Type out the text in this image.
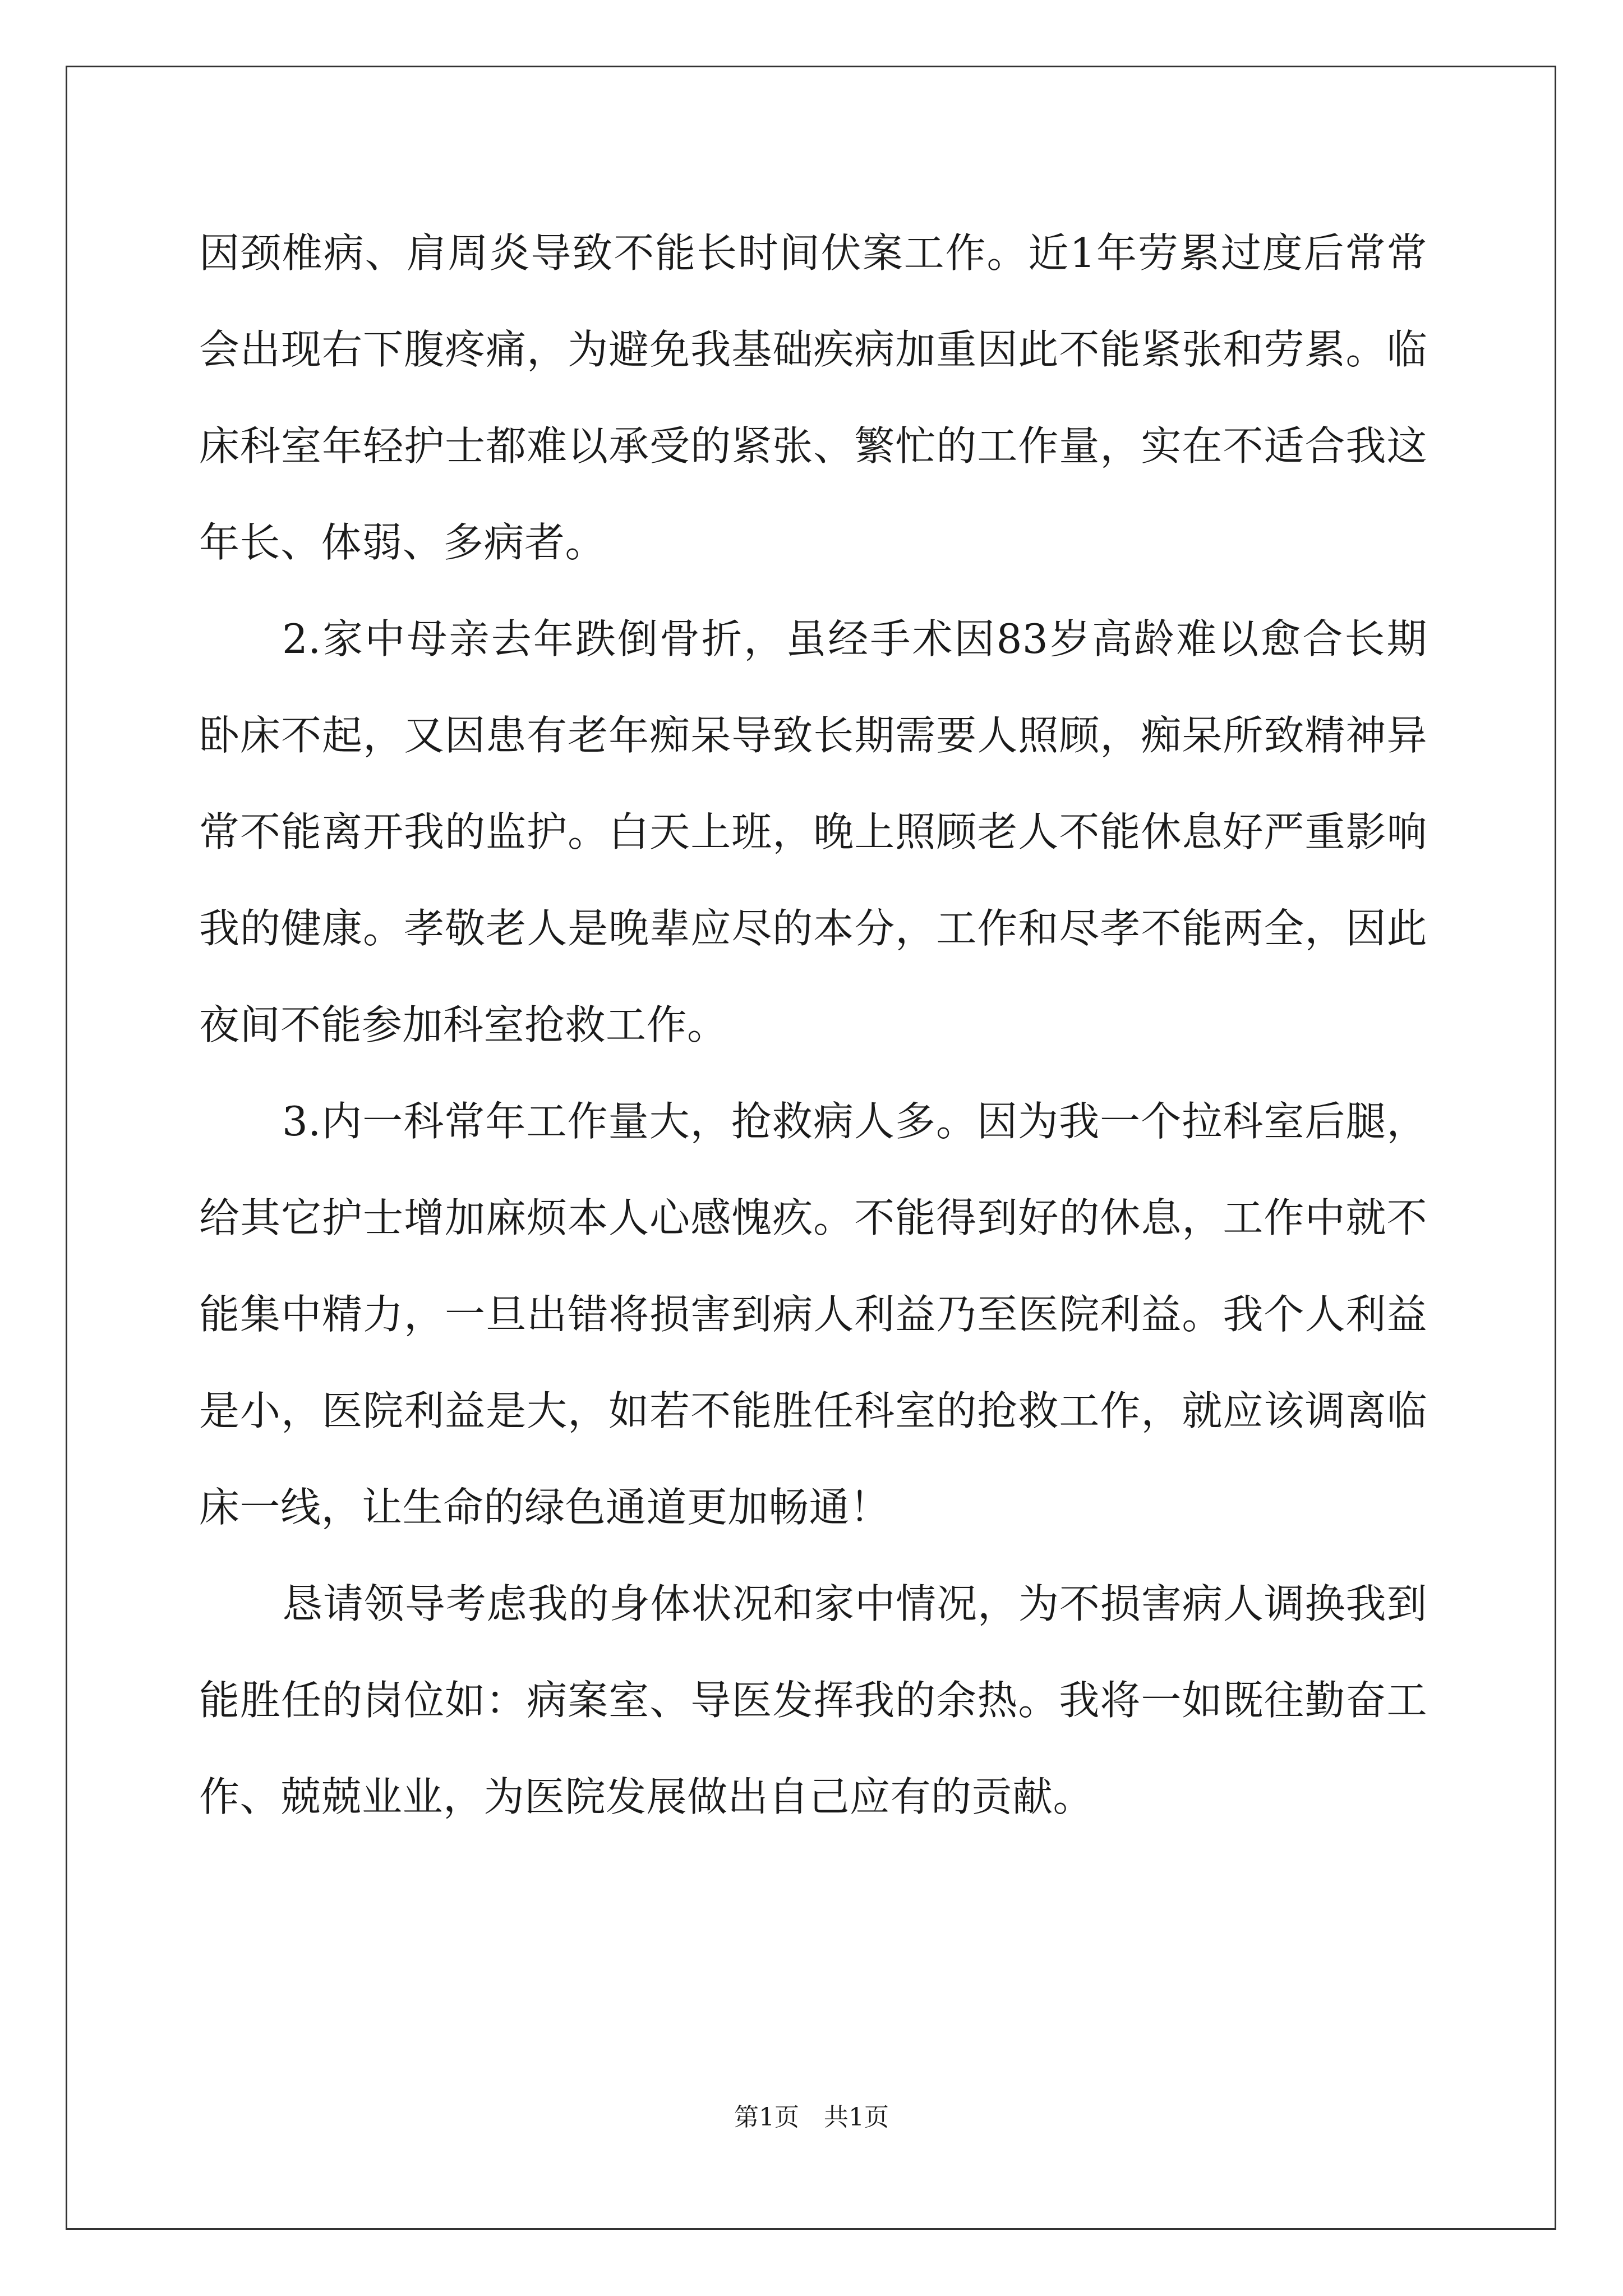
因颈椎病、肩周炎导致不能长时间伏案工作。近1年劳累过度后常常会出现右下腹疼痛，为避免我基础疾病加重因此不能紧张和劳累。临床科室年轻护士都难以承受的紧张、繁忙的工作量，实在不适合我这年长、体弱、多病者。

2.家中母亲去年跌倒骨折，虽经手术因83岁高龄难以愈合长期卧床不起，又因患有老年痴呆导致长期需要人照顾，痴呆所致精神异常不能离开我的监护。白天上班，晚上照顾老人不能休息好严重影响我的健康。孝敬老人是晚辈应尽的本分，工作和尽孝不能两全，因此夜间不能参加科室抢救工作。

3.内一科常年工作量大，抢救病人多。因为我一个拉科室后腿，给其它护士增加麻烦本人心感愧疚。不能得到好的休息，工作中就不能集中精力，一旦出错将损害到病人利益乃至医院利益。我个人利益是小，医院利益是大，如若不能胜任科室的抢救工作，就应该调离临床一线，让生命的绿色通道更加畅通！

恳请领导考虑我的身体状况和家中情况，为不损害病人调换我到能胜任的岗位如：病案室、导医发挥我的余热。我将一如既往勤奋工作、兢兢业业，为医院发展做出自己应有的贡献。

第1页 共1页
